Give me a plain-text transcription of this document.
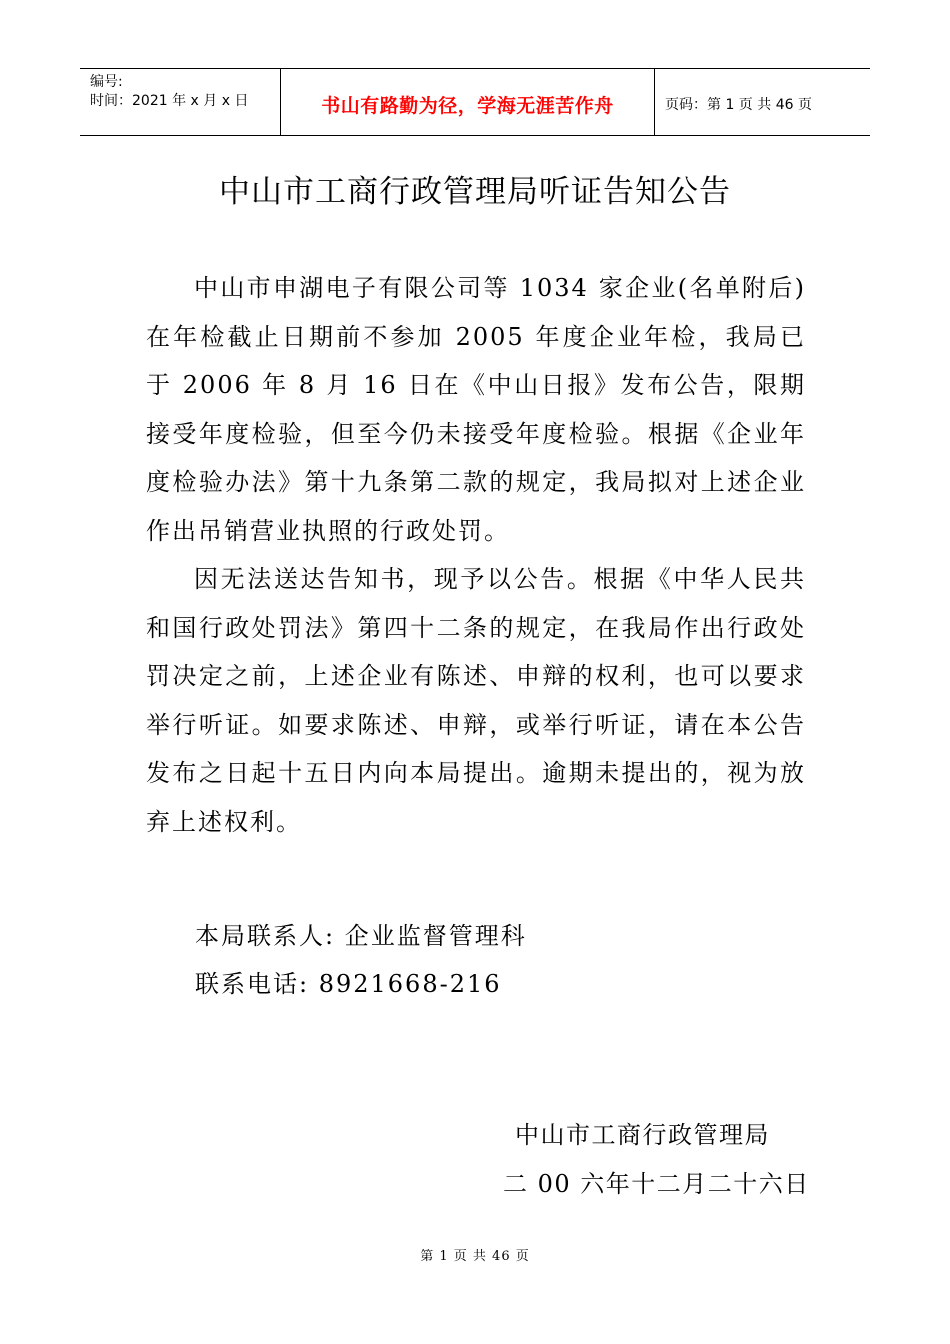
编号:
时间：2021 年 x 月 x 日	书山有路勤为径，学海无涯苦作舟	页码：第 1 页 共 46 页
中山市工商行政管理局听证告知公告

中山市申湖电子有限公司等 1034 家企业(名单附后)在年检截止日期前不参加 2005 年度企业年检，我局已于 2006 年 8 月 16 日在《中山日报》发布公告，限期接受年度检验，但至今仍未接受年度检验。根据《企业年度检验办法》第十九条第二款的规定，我局拟对上述企业作出吊销营业执照的行政处罚。

因无法送达告知书，现予以公告。根据《中华人民共和国行政处罚法》第四十二条的规定，在我局作出行政处罚决定之前，上述企业有陈述、申辩的权利，也可以要求举行听证。如要求陈述、申辩，或举行听证，请在本公告发布之日起十五日内向本局提出。逾期未提出的，视为放弃上述权利。

本局联系人: 企业监督管理科
联系电话: 8921668-216
中山市工商行政管理局
二 00 六年十二月二十六日
第 1 页 共 46 页
